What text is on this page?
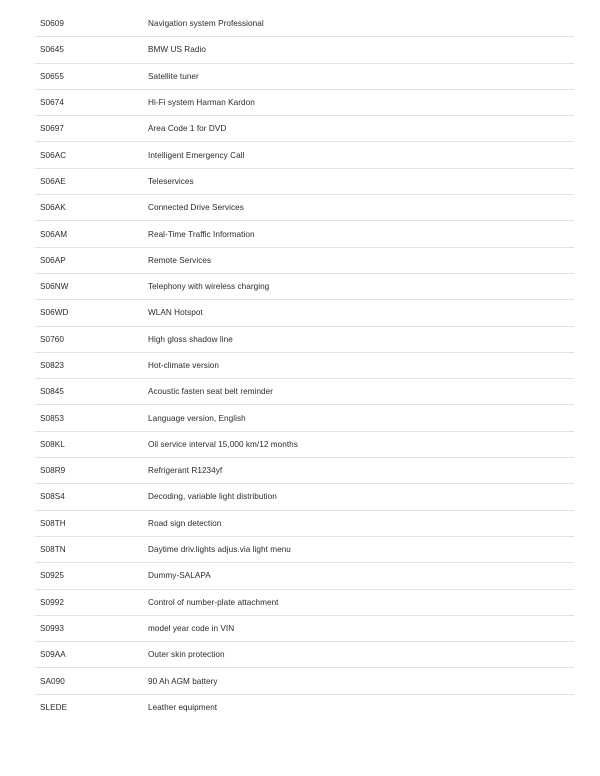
S0609	Navigation system Professional
S0645	BMW US Radio
S0655	Satellite tuner
S0674	Hi-Fi system Harman Kardon
S0697	Area Code 1 for DVD
S06AC	Intelligent Emergency Call
S06AE	Teleservices
S06AK	Connected Drive Services
S06AM	Real-Time Traffic Information
S06AP	Remote Services
S06NW	Telephony with wireless charging
S06WD	WLAN Hotspot
S0760	High gloss shadow line
S0823	Hot-climate version
S0845	Acoustic fasten seat belt reminder
S0853	Language version, English
S08KL	Oil service interval 15,000 km/12 months
S08R9	Refrigerant R1234yf
S08S4	Decoding, variable light distribution
S08TH	Road sign detection
S08TN	Daytime driv.lights adjus.via light menu
S0925	Dummy-SALAPA
S0992	Control of number-plate attachment
S0993	model year code in VIN
S09AA	Outer skin protection
SA090	90 Ah AGM battery
SLEDE	Leather equipment
